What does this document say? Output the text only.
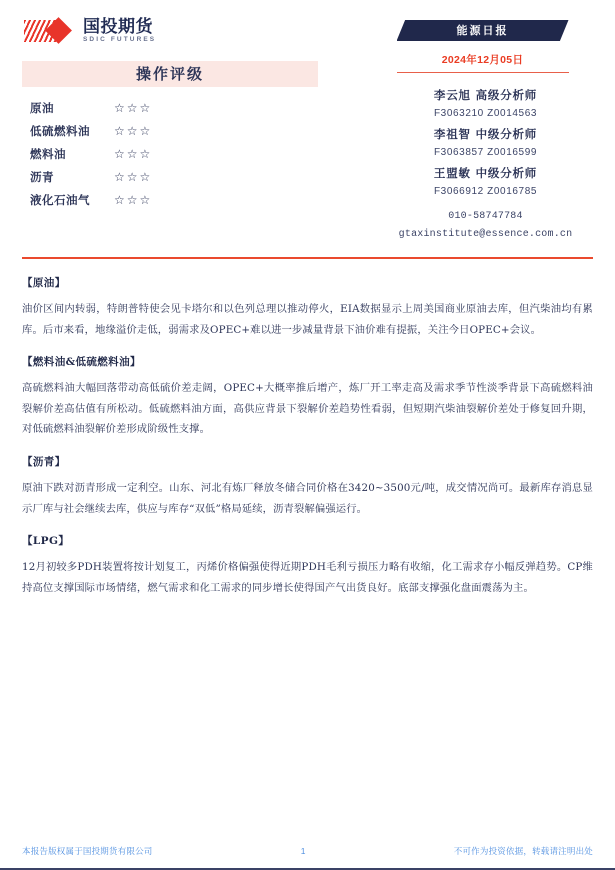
国投期货
SDIC FUTURES
操作评级
原油	☆☆☆
低硫燃料油	☆☆☆
燃料油	☆☆☆
沥青	☆☆☆
液化石油气	☆☆☆
能源日报
2024年12月05日
李云旭 高级分析师
F3063210 Z0014563
李祖智 中级分析师
F3063857 Z0016599
王盟敏 中级分析师
F3066912 Z0016785
010-58747784
gtaxinstitute@essence.com.cn
【原油】
油价区间内转弱，特朗普特使会见卡塔尔和以色列总理以推动停火，EIA数据显示上周美国商业原油去库，但汽柴油均有累库。后市来看，地缘溢价走低，弱需求及OPEC+难以进一步减量背景下油价难有提振，关注今日OPEC+会议。
【燃料油&低硫燃料油】
高硫燃料油大幅回落带动高低硫价差走阔，OPEC+大概率推后增产，炼厂开工率走高及需求季节性淡季背景下高硫燃料油裂解价差高估值有所松动。低硫燃料油方面，高供应背景下裂解价差趋势性看弱，但短期汽柴油裂解价差处于修复回升期，对低硫燃料油裂解价差形成阶级性支撑。
【沥青】
原油下跌对沥青形成一定利空。山东、河北有炼厂释放冬储合同价格在3420~3500元/吨，成交情况尚可。最新库存消息显示厂库与社会继续去库，供应与库存“双低”格局延续，沥青裂解偏强运行。
【LPG】
12月初较多PDH装置将按计划复工，丙烯价格偏强使得近期PDH毛利亏损压力略有收缩，化工需求存小幅反弹趋势。CP维持高位支撑国际市场情绪，燃气需求和化工需求的同步增长使得国产气出货良好。底部支撑强化盘面震荡为主。
本报告版权属于国投期货有限公司	1	不可作为投资依据，转载请注明出处
